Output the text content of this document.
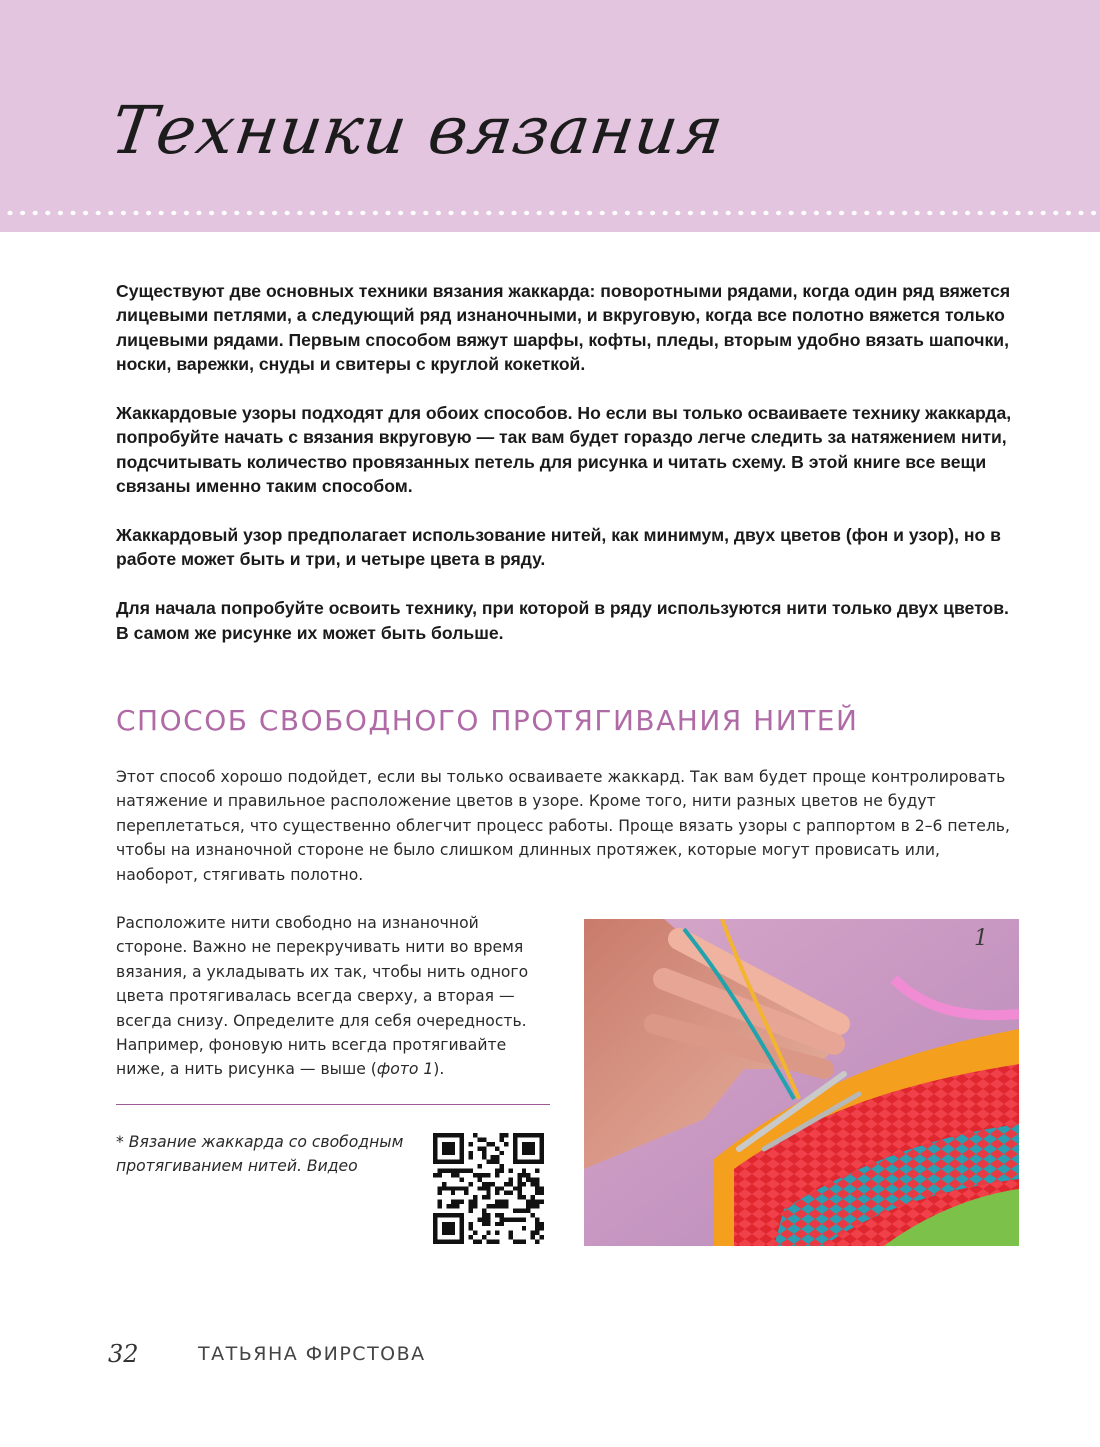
Техники вязания

Существуют две основных техники вязания жаккарда: поворотными рядами, когда один ряд вяжется лицевыми петлями, а следующий ряд изнаночными, и вкруговую, когда все полотно вяжется только лицевыми рядами. Первым способом вяжут шарфы, кофты, пледы, вторым удобно вязать шапочки, носки, варежки, снуды и свитеры с круглой кокеткой.

Жаккардовые узоры подходят для обоих способов. Но если вы только осваиваете технику жаккарда, попробуйте начать с вязания вкруговую — так вам будет гораздо легче следить за натяжением нити, подсчитывать количество провязанных петель для рисунка и читать схему. В этой книге все вещи связаны именно таким способом.

Жаккардовый узор предполагает использование нитей, как минимум, двух цветов (фон и узор), но в работе может быть и три, и четыре цвета в ряду.

Для начала попробуйте освоить технику, при которой в ряду используются нити только двух цветов. В самом же рисунке их может быть больше.

СПОСОБ СВОБОДНОГО ПРОТЯГИВАНИЯ НИТЕЙ

Этот способ хорошо подойдет, если вы только осваиваете жаккард. Так вам будет проще контролировать натяжение и правильное расположение цветов в узоре. Кроме того, нити разных цветов не будут переплетаться, что существенно облегчит процесс работы. Проще вязать узоры с раппортом в 2–6 петель, чтобы на изнаночной стороне не было слишком длинных протяжек, которые могут провисать или, наоборот, стягивать полотно.

Расположите нити свободно на изнаночной стороне. Важно не перекручивать нити во время вязания, а укладывать их так, чтобы нить одного цвета протягивалась всегда сверху, а вторая — всегда снизу. Определите для себя очередность. Например, фоновую нить всегда протягивайте ниже, а нить рисунка — выше (фото 1).

* Вязание жаккарда со свободным протягиванием нитей. Видео

1
32	ТАТЬЯНА ФИРСТОВА
